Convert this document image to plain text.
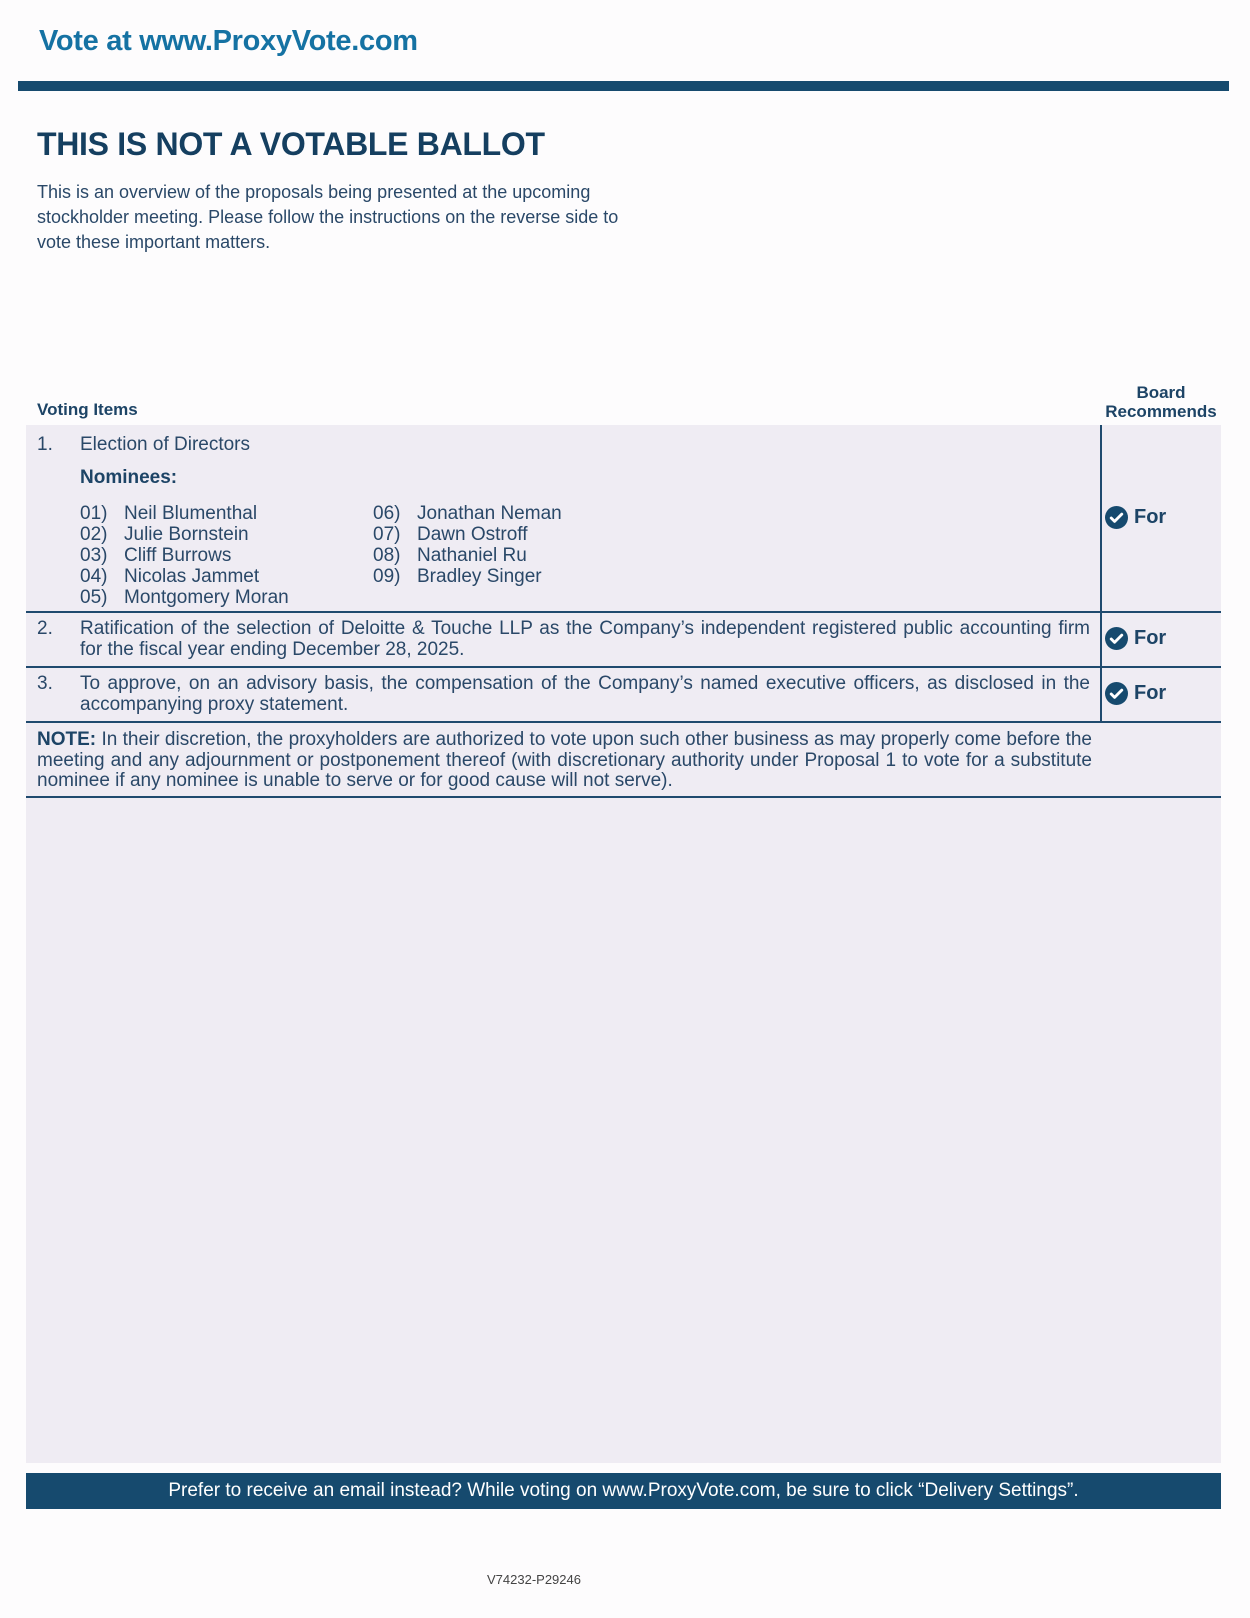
Vote at www.ProxyVote.com
THIS IS NOT A VOTABLE BALLOT
This is an overview of the proposals being presented at the upcoming stockholder meeting. Please follow the instructions on the reverse side to vote these important matters.
Voting Items
Board Recommends
1. Election of Directors
Nominees:
01) Neil Blumenthal
02) Julie Bornstein
03) Cliff Burrows
04) Nicolas Jammet
05) Montgomery Moran
06) Jonathan Neman
07) Dawn Ostroff
08) Nathaniel Ru
09) Bradley Singer
For
2. Ratification of the selection of Deloitte & Touche LLP as the Company’s independent registered public accounting firm for the fiscal year ending December 28, 2025.
For
3. To approve, on an advisory basis, the compensation of the Company’s named executive officers, as disclosed in the accompanying proxy statement.
For
NOTE: In their discretion, the proxyholders are authorized to vote upon such other business as may properly come before the meeting and any adjournment or postponement thereof (with discretionary authority under Proposal 1 to vote for a substitute nominee if any nominee is unable to serve or for good cause will not serve).
Prefer to receive an email instead? While voting on www.ProxyVote.com, be sure to click “Delivery Settings”.
V74232-P29246
